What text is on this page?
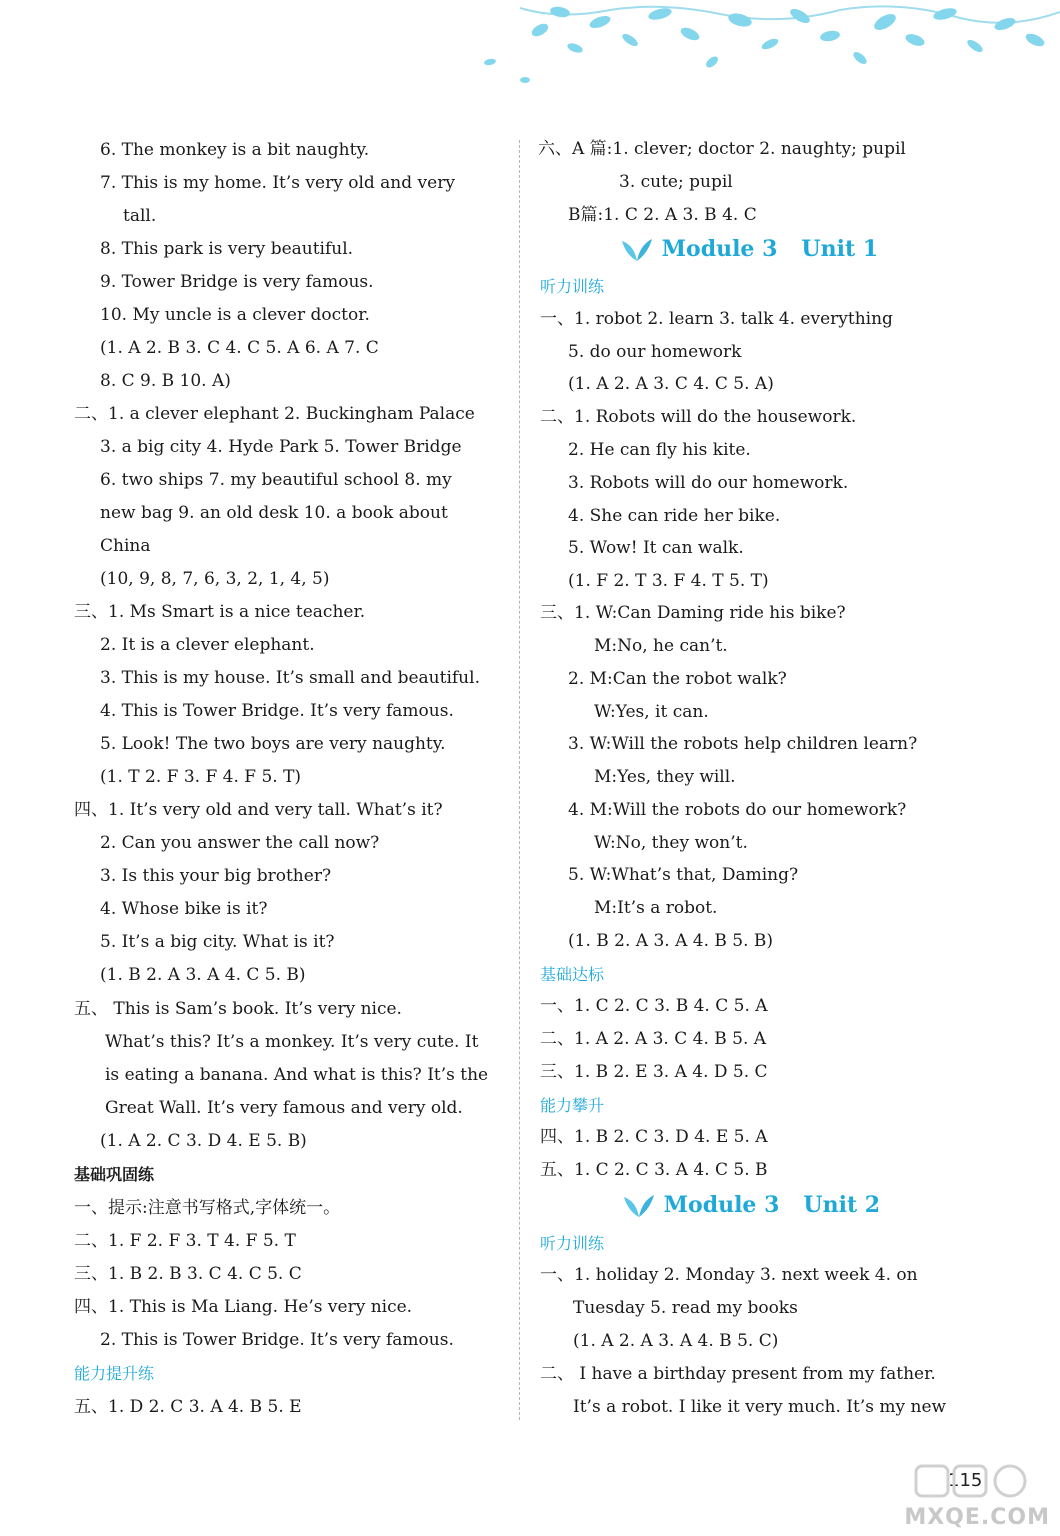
6. The monkey is a bit naughty.
7. This is my home. It’s very old and very
tall.
8. This park is very beautiful.
9. Tower Bridge is very famous.
10. My uncle is a clever doctor.
(1. A 2. B 3. C 4. C 5. A 6. A 7. C
8. C 9. B 10. A)
二、1. a clever elephant 2. Buckingham Palace
3. a big city 4. Hyde Park 5. Tower Bridge
6. two ships 7. my beautiful school 8. my
new bag 9. an old desk 10. a book about
China
(10, 9, 8, 7, 6, 3, 2, 1, 4, 5)
三、1. Ms Smart is a nice teacher.
2. It is a clever elephant.
3. This is my house. It’s small and beautiful.
4. This is Tower Bridge. It’s very famous.
5. Look! The two boys are very naughty.
(1. T 2. F 3. F 4. F 5. T)
四、1. It’s very old and very tall. What’s it?
2. Can you answer the call now?
3. Is this your big brother?
4. Whose bike is it?
5. It’s a big city. What is it?
(1. B 2. A 3. A 4. C 5. B)
五、 This is Sam’s book. It’s very nice.
What’s this? It’s a monkey. It’s very cute. It
is eating a banana. And what is this? It’s the
Great Wall. It’s very famous and very old.
(1. A 2. C 3. D 4. E 5. B)
基础巩固练
一、提示:注意书写格式,字体统一。
二、1. F 2. F 3. T 4. F 5. T
三、1. B 2. B 3. C 4. C 5. C
四、1. This is Ma Liang. He’s very nice.
2. This is Tower Bridge. It’s very famous.
能力提升练
五、1. D 2. C 3. A 4. B 5. E
六、A 篇:1. clever; doctor 2. naughty; pupil
3. cute; pupil
B篇:1. C 2. A 3. B 4. C
Module 3 Unit 1
听力训练
一、1. robot 2. learn 3. talk 4. everything
5. do our homework
(1. A 2. A 3. C 4. C 5. A)
二、1. Robots will do the housework.
2. He can fly his kite.
3. Robots will do our homework.
4. She can ride her bike.
5. Wow! It can walk.
(1. F 2. T 3. F 4. T 5. T)
三、1. W:Can Daming ride his bike?
M:No, he can’t.
2. M:Can the robot walk?
W:Yes, it can.
3. W:Will the robots help children learn?
M:Yes, they will.
4. M:Will the robots do our homework?
W:No, they won’t.
5. W:What’s that, Daming?
M:It’s a robot.
(1. B 2. A 3. A 4. B 5. B)
基础达标
一、1. C 2. C 3. B 4. C 5. A
二、1. A 2. A 3. C 4. B 5. A
三、1. B 2. E 3. A 4. D 5. C
能力攀升
四、1. B 2. C 3. D 4. E 5. A
五、1. C 2. C 3. A 4. C 5. B
Module 3 Unit 2
听力训练
一、1. holiday 2. Monday 3. next week 4. on
Tuesday 5. read my books
(1. A 2. A 3. A 4. B 5. C)
二、 I have a birthday present from my father.
It’s a robot. I like it very much. It’s my new
115
MXQE.COM
